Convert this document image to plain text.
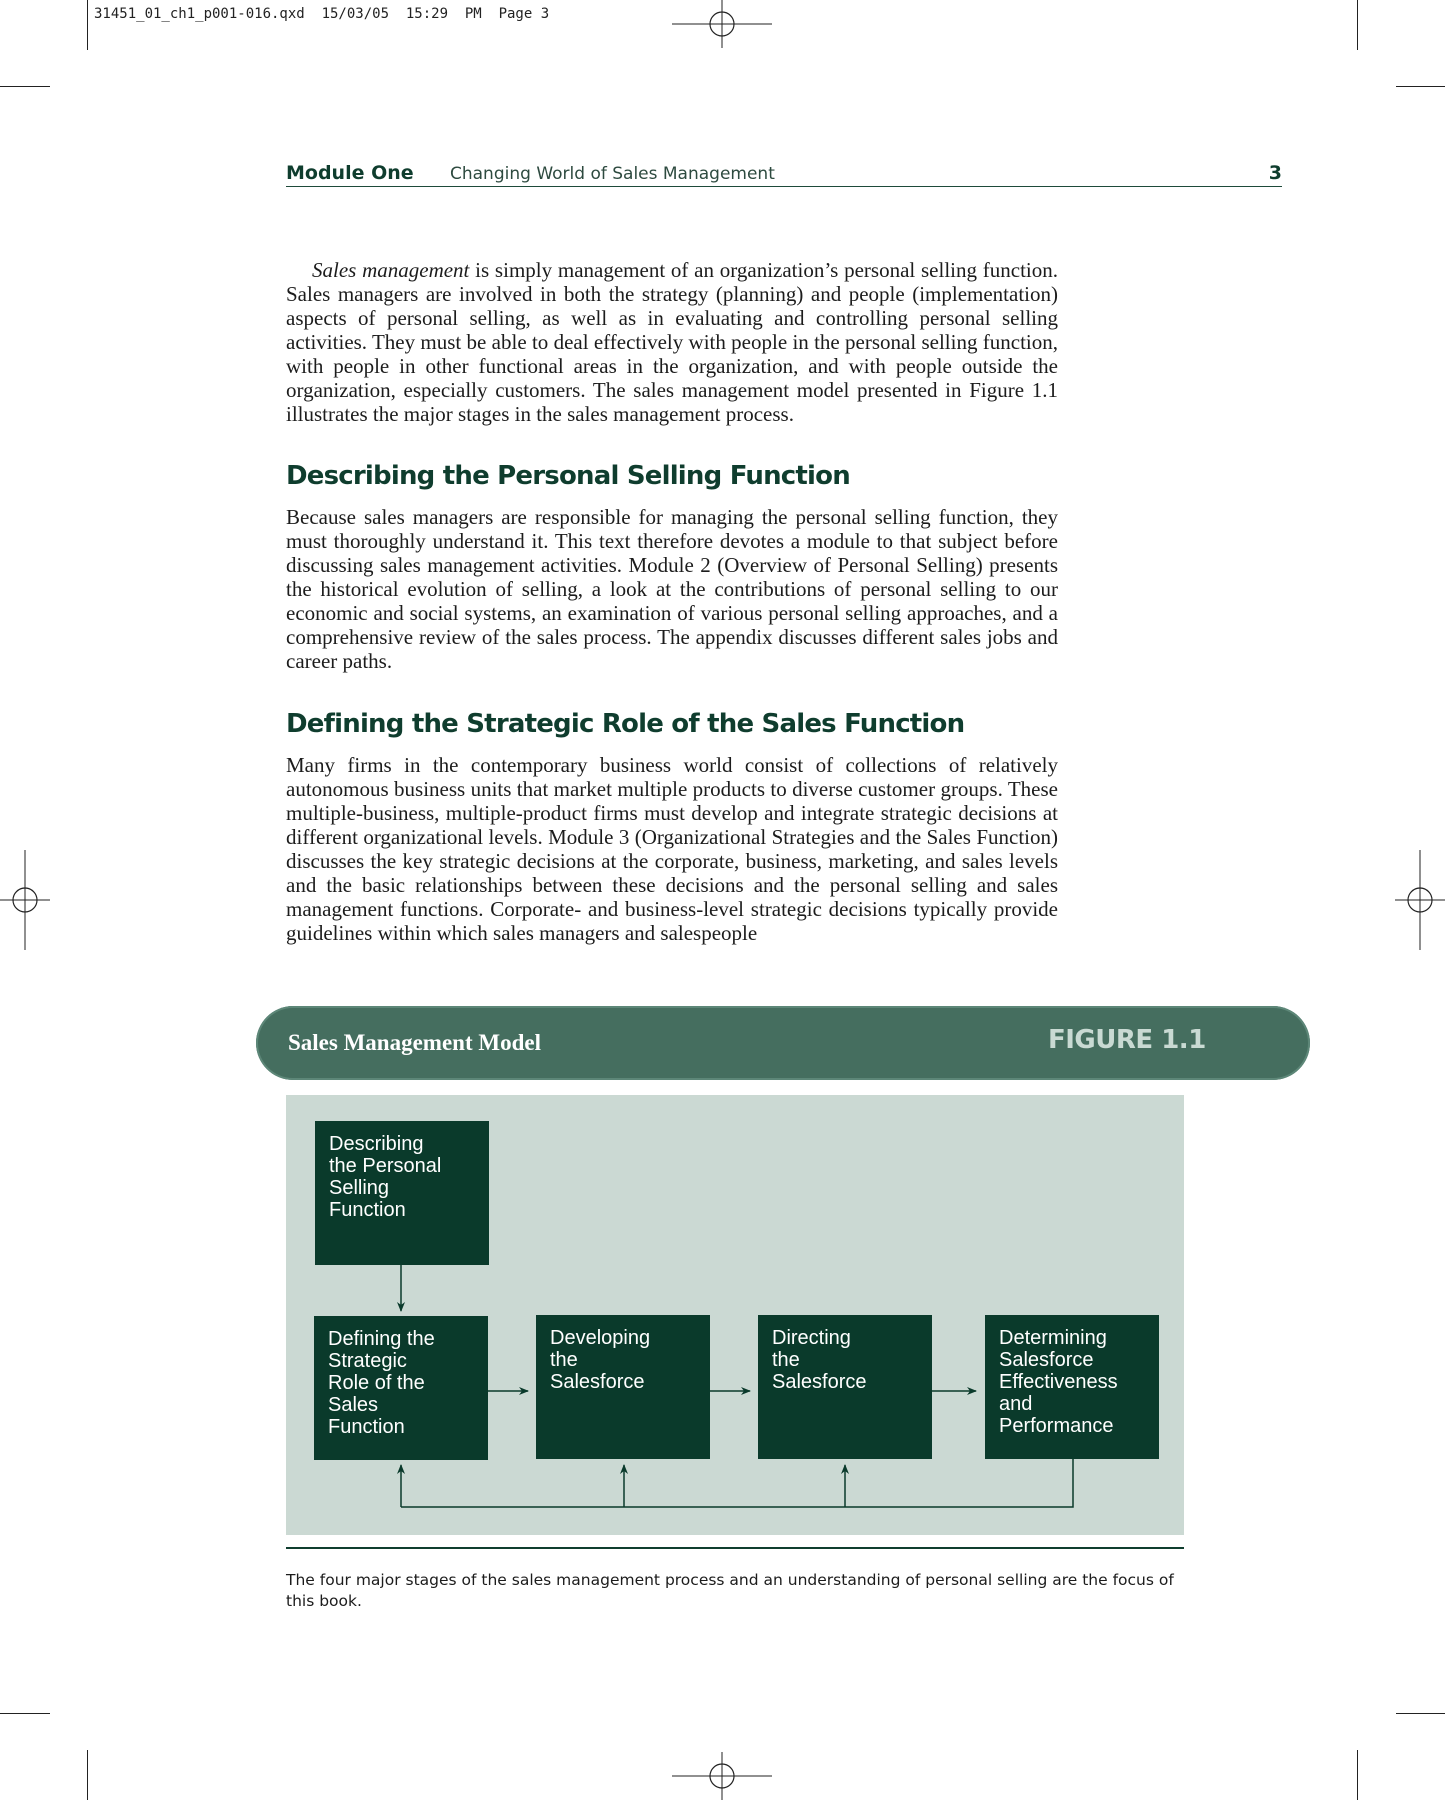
31451_01_ch1_p001-016.qxd  15/03/05  15:29  PM  Page 3
Module One Changing World of Sales Management	3

Sales management is simply management of an organization’s personal selling function. Sales managers are involved in both the strategy (planning) and people (implementation) aspects of personal selling, as well as in evaluating and controlling personal selling activities. They must be able to deal effectively with people in the personal selling function, with people in other functional areas in the organization, and with people outside the organization, especially customers. The sales management model presented in Figure 1.1 illustrates the major stages in the sales management process.

Describing the Personal Selling Function

Because sales managers are responsible for managing the personal selling function, they must thoroughly understand it. This text therefore devotes a module to that subject before discussing sales management activities. Module 2 (Overview of Personal Selling) presents the historical evolution of selling, a look at the contributions of personal selling to our economic and social systems, an examination of various personal selling approaches, and a comprehensive review of the sales process. The appendix discusses different sales jobs and career paths.

Defining the Strategic Role of the Sales Function

Many firms in the contemporary business world consist of collections of relatively autonomous business units that market multiple products to diverse customer groups. These multiple-business, multiple-product firms must develop and integrate strategic decisions at different organizational levels. Module 3 (Organizational Strategies and the Sales Function) discusses the key strategic decisions at the corporate, business, marketing, and sales levels and the basic relationships between these decisions and the personal selling and sales management functions. Corporate- and business-level strategic decisions typically provide guidelines within which sales managers and salespeople

Sales Management Model	FIGURE 1.1
Describing
the Personal
Selling
Function
Defining the
Strategic
Role of the
Sales
Function
Developing
the
Salesforce
Directing
the
Salesforce
Determining
Salesforce
Effectiveness
and
Performance

The four major stages of the sales management process and an understanding of personal selling are the focus of this book.
